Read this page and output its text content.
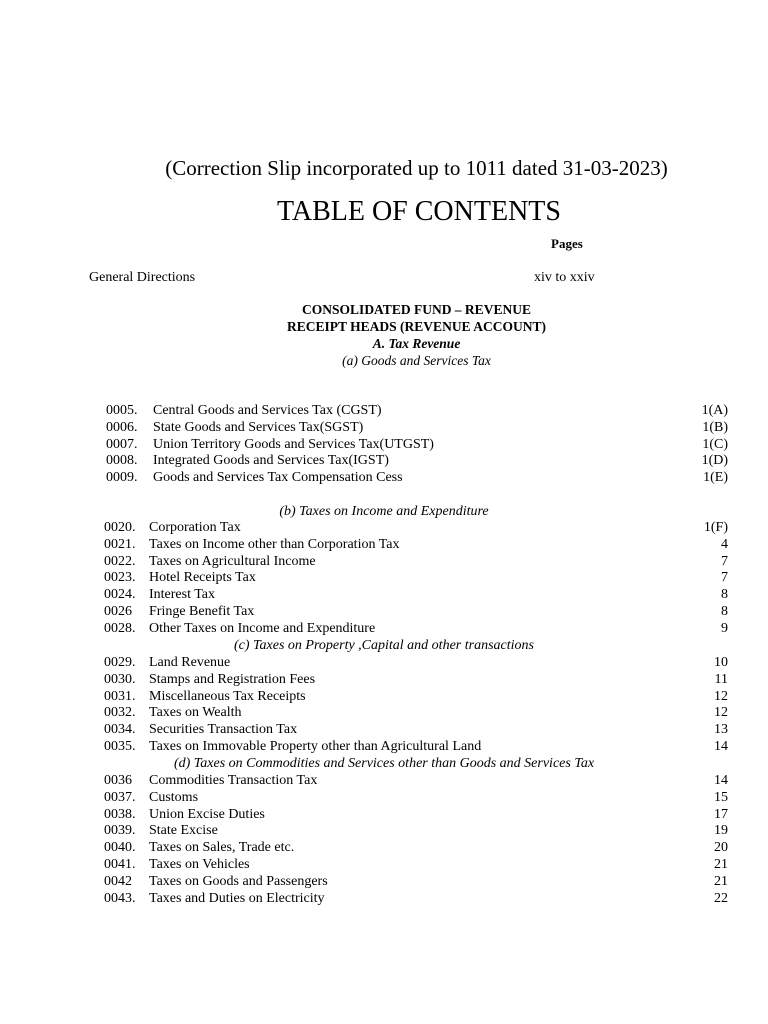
(Correction Slip incorporated up to 1011 dated 31-03-2023)
TABLE OF CONTENTS
Pages
General Directions	xiv to xxiv
CONSOLIDATED FUND – REVENUE
RECEIPT HEADS (REVENUE ACCOUNT)
A. Tax Revenue
(a) Goods and Services Tax
0005. Central Goods and Services Tax (CGST)	1(A)
0006. State Goods and Services Tax(SGST)	1(B)
0007. Union Territory Goods and Services Tax(UTGST)	1(C)
0008. Integrated Goods and Services Tax(IGST)	1(D)
0009. Goods and Services Tax Compensation Cess	1(E)
(b) Taxes on Income and Expenditure
0020. Corporation Tax	1(F)
0021. Taxes on Income other than Corporation Tax	4
0022. Taxes on Agricultural Income	7
0023. Hotel Receipts Tax	7
0024. Interest Tax	8
0026 Fringe Benefit Tax	8
0028. Other Taxes on Income and Expenditure	9
(c) Taxes on Property ,Capital and other transactions
0029. Land Revenue	10
0030. Stamps and Registration Fees	11
0031. Miscellaneous Tax Receipts	12
0032. Taxes on Wealth	12
0034. Securities Transaction Tax	13
0035. Taxes on Immovable Property other than Agricultural Land	14
(d) Taxes on Commodities and Services other than Goods and Services Tax
0036 Commodities Transaction Tax	14
0037. Customs	15
0038. Union Excise Duties	17
0039. State Excise	19
0040. Taxes on Sales, Trade etc.	20
0041. Taxes on Vehicles	21
0042 Taxes on Goods and Passengers	21
0043. Taxes and Duties on Electricity	22
